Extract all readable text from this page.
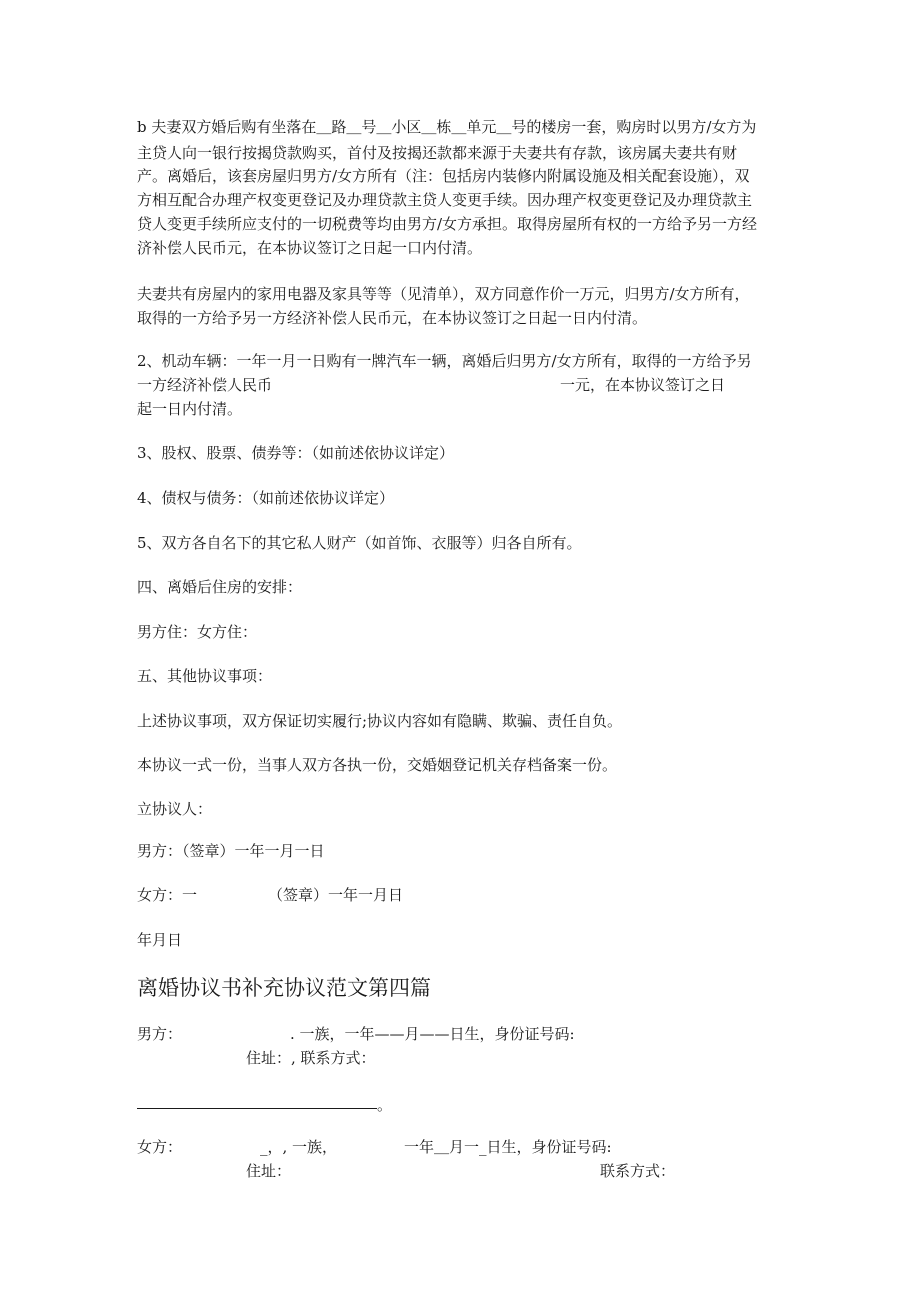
b 夫妻双方婚后购有坐落在＿路＿号＿小区＿栋＿单元＿号的楼房一套，购房时以男方/女方为
主贷人向一银行按揭贷款购买，首付及按揭还款都来源于夫妻共有存款，该房属夫妻共有财
产。离婚后，该套房屋归男方/女方所有（注：包括房内装修内附属设施及相关配套设施），双
方相互配合办理产权变更登记及办理贷款主贷人变更手续。因办理产权变更登记及办理贷款主
贷人变更手续所应支付的一切税费等均由男方/女方承担。取得房屋所有权的一方给予另一方经
济补偿人民币元，在本协议签订之日起一口内付清。
夫妻共有房屋内的家用电器及家具等等（见清单），双方同意作价一万元，归男方/女方所有，
取得的一方给予另一方经济补偿人民币元，在本协议签订之日起一日内付清。
2、机动车辆：一年一月一日购有一牌汽车一辆，离婚后归男方/女方所有，取得的一方给予另
一方经济补偿人民币	一元，在本协议签订之日
起一日内付清。
3、股权、股票、债券等：（如前述依协议详定）
4、债权与债务：（如前述依协议详定）
5、双方各自名下的其它私人财产（如首饰、衣服等）归各自所有。
四、离婚后住房的安排：
男方住：女方住：
五、其他协议事项：
上述协议事项，双方保证切实履行;协议内容如有隐瞒、欺骗、责任自负。
本协议一式一份，当事人双方各执一份，交婚姻登记机关存档备案一份。
立协议人：
男方：（签章）一年一月一日
女方：一	（签章）一年一月日
年月日
离婚协议书补充协议范文第四篇
男方：	. 一族，一年——月——日生，身份证号码:
住址：, 联系方式：
。
女方：	_，, 一族，	一年＿月一_日生，身份证号码:
住址：	联系方式：
